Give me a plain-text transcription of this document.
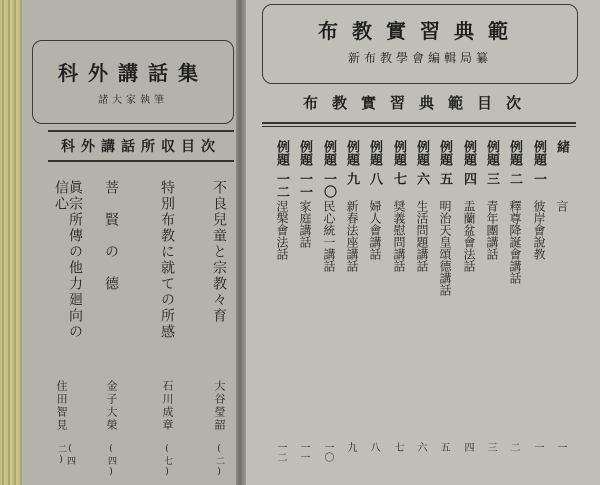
科外講話集
諸大家執筆
科外講話所収目次
不良兒童と宗教々育
大谷瑩韶
(二)
特別布教に就ての所感
石川成章
(七)
菩　賢　の　德
金子大榮
(四)
眞宗所傳の他力廻向の信心
住田智見
(四二)
布教實習典範
新布教學會編輯局纂
布教實習典範目次
緒
言
一
例題
一
彼岸會說教
一
例題
二
釋尊降誕會講話
二
例題
三
青年團講話
三
例題
四
盂蘭盆會法話
四
例題
五
明治天皇頌德講話
五
例題
六
生活問題講話
六
例題
七
奨義慰問講話
七
例題
八
婦人會講話
八
例題
九
新春法座講話
九
例題
一〇
民心統一講話
一〇
例題
一一
家庭講話
一一
例題
一二
涅槃會法話
一二
